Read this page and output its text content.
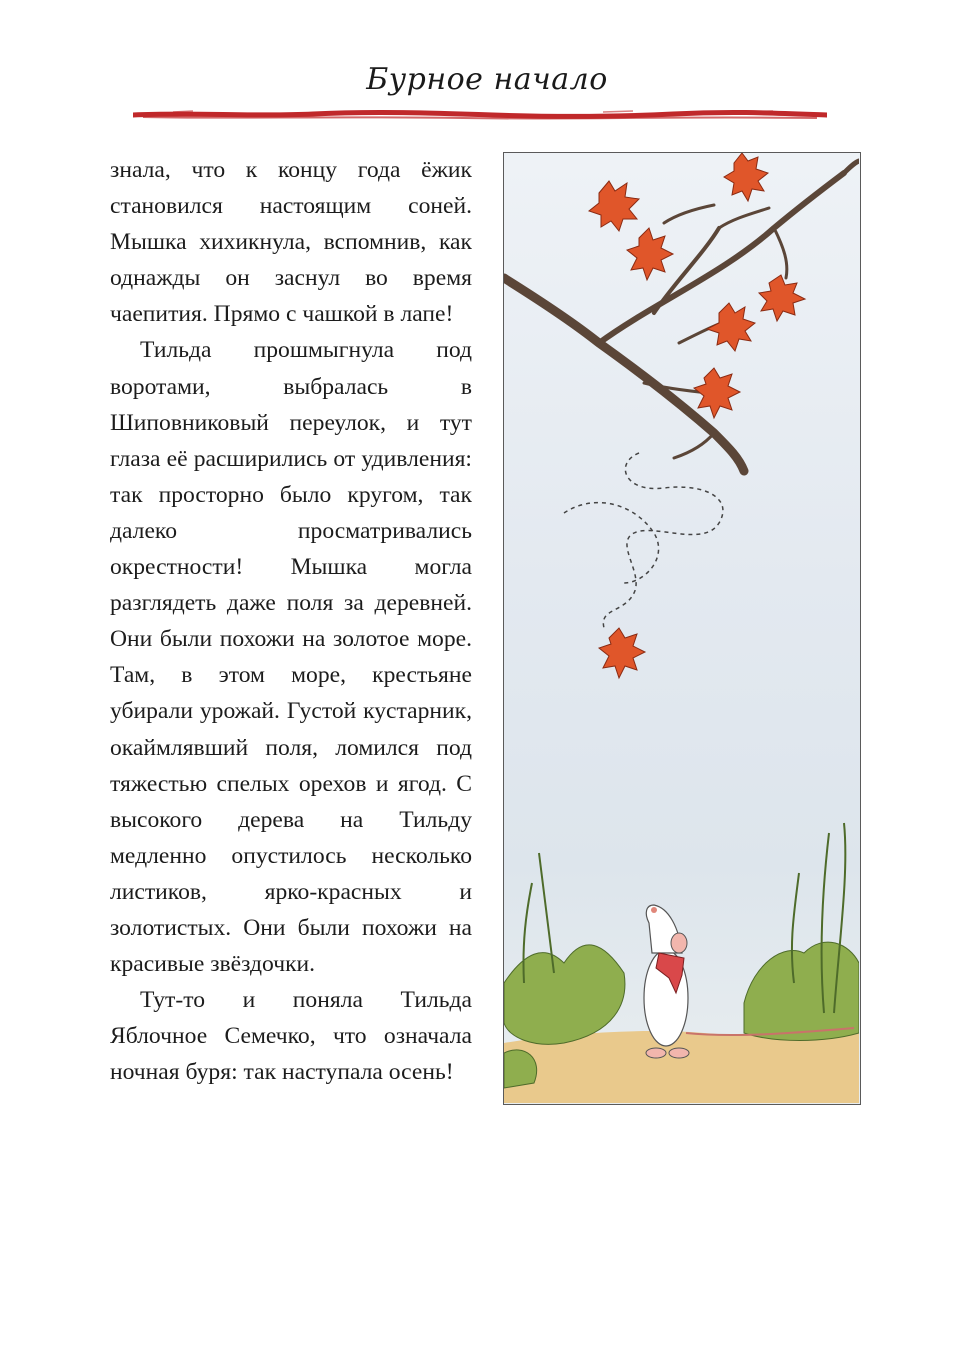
Бурное начало

знала, что к концу года ёжик становился настоящим соней. Мышка хихикнула, вспомнив, как однажды он заснул во время чаепития. Прямо с чашкой в лапе!

Тильда прошмыгнула под воротами, выбралась в Шиповниковый переулок, и тут глаза её расширились от удивления: так просторно было кругом, так далеко просматривались окрестности! Мышка могла разглядеть даже поля за деревней. Они были похожи на золотое море. Там, в этом море, крестьяне убирали урожай. Густой кустарник, окаймлявший поля, ломился под тяжестью спелых орехов и ягод. С высокого дерева на Тильду медленно опустилось несколько листиков, ярко-красных и золотистых. Они были похожи на красивые звёздочки.

Тут-то и поняла Тильда Яблочное Семечко, что означала ночная буря: так наступала осень!
